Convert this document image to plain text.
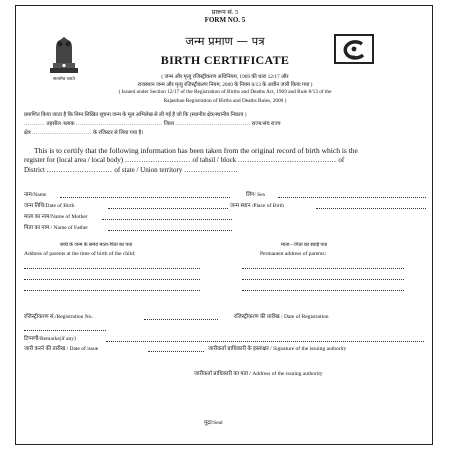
सत्यमेव जयते
प्रारूप सं. 5
FORM NO. 5
जन्म प्रमाण — पत्र
BIRTH CERTIFICATE
( जन्म और मृत्यु रजिस्ट्रीकरण अधिनियम, 1969 की धारा 12/17 और
राजस्थान जन्म और मृत्यु रजिस्ट्रीकरण नियम, 2000 के नियम 8/13 के अधीन जारी किया गया )
( Issued under Section 12/17 of the Registration of Births and Deaths Act, 1969 and Rule 8/13 of the
Rajasthan Registration of Births and Deaths Rules, 2000 )
प्रमाणित किया जाता है कि निम्न लिखित सूचना जन्म के मूल अभिलेख से ली गई है जो कि (स्थानीय क्षेत्र/स्थानीय निकाय )
........... तहसील /ब्लाक ............................................. जिला ....................................... राज्य/संघ राज्य
क्षेत्र ............................... के रजिस्टर से लिया गया है।
This is to certify that the following information has been taken from the original record of birth which is the
register for (local area / local body) ............................ of tahsil / block .......................................... of
District ............................ of state / Union territory .......................
नाम/Name	लिंग/ Sex
जन्म तिथि/Date of Birth	जन्म स्थान /Place of Birth
माता का नाम/Name of Mother
पिता का नाम / Name of Father
बच्चे के जन्म के समय माता-पिता का पता
Address of parents at the time of birth of the child:
माता—पिता का स्थाई पता
Permanent address of parents:
रजिस्ट्रीकरण सं./Registration No.	रजिस्ट्रीकरण की तारीख / Date of Registration
टिप्पणी/Remarks(if any)
जारी करने की तारीख / Date of issue	जारीकर्ता प्राधिकारी के हस्ताक्षर / Signature of the issuing authority
जारीकर्ता प्राधिकारी का पता / Address of the issuing authority
मुद्रा/Seal
